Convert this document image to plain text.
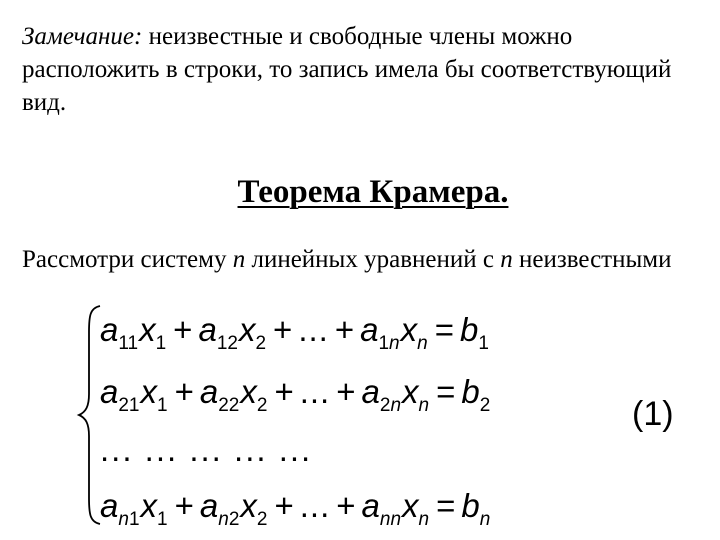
Замечание: неизвестные и свободные члены можно расположить в строки, то запись имела бы соответствующий вид.
Теорема Крамера.
Рассмотри систему n линейных уравнений с n неизвестными
$a_{11}x_1 + a_{12}x_2$ + ... + $a_{1n}x_n = b_1$
$a_{21}x_1 + a_{22}x_2$ + ... + $a_{2n}x_n = b_2$
... ... ... ... ...
$a_{n1}x_1 + a_{n2}x_2$ + ... + $a_{nn}x_n = b_n$
(1)
